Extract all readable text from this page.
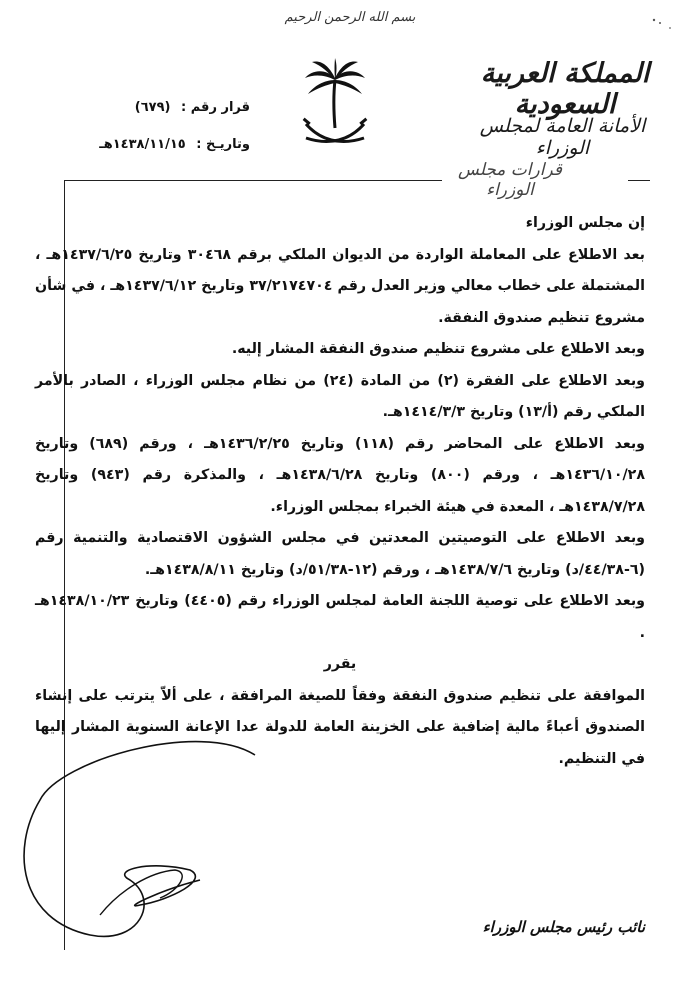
بسم الله الرحمن الرحيم
المملكة العربية السعودية
الأمانة العامة لمجلس الوزراء
قرارات مجلس الوزراء
قرار رقم : (٦٧٩)
وتاريـخ : ١٤٣٨/١١/١٥هـ

إن مجلس الوزراء

بعد الاطلاع على المعاملة الواردة من الديوان الملكي برقم ٣٠٤٦٨ وتاريخ ١٤٣٧/٦/٢٥هـ ، المشتملة على خطاب معالي وزير العدل رقم ٣٧/٢١٧٤٧٠٤ وتاريخ ١٤٣٧/٦/١٢هـ ، في شأن مشروع تنظيم صندوق النفقة.

وبعد الاطلاع على مشروع تنظيم صندوق النفقة المشار إليه.

وبعد الاطلاع على الفقرة (٢) من المادة (٢٤) من نظام مجلس الوزراء ، الصادر بالأمر الملكي رقم (أ/١٣) وتاريخ ١٤١٤/٣/٣هـ.

وبعد الاطلاع على المحاضر رقم (١١٨) وتاريخ ١٤٣٦/٢/٢٥هـ ، ورقم (٦٨٩) وتاريخ ١٤٣٦/١٠/٢٨هـ ، ورقم (٨٠٠) وتاريخ ١٤٣٨/٦/٢٨هـ ، والمذكرة رقم (٩٤٣) وتاريخ ١٤٣٨/٧/٢٨هـ ، المعدة في هيئة الخبراء بمجلس الوزراء.

وبعد الاطلاع على التوصيتين المعدتين في مجلس الشؤون الاقتصادية والتنمية رقم (٦-٤٤/٣٨/د) وتاريخ ١٤٣٨/٧/٦هـ ، ورقم (١٢-٥١/٣٨/د) وتاريخ ١٤٣٨/٨/١١هـ.

وبعد الاطلاع على توصية اللجنة العامة لمجلس الوزراء رقم (٤٤٠٥) وتاريخ ١٤٣٨/١٠/٢٣هـ .

يقرر

الموافقة على تنظيم صندوق النفقة وفقاً للصيغة المرافقة ، على ألاّ يترتب على إنشاء الصندوق أعباءً مالية إضافية على الخزينة العامة للدولة عدا الإعانة السنوية المشار إليها في التنظيم.

نائب رئيس مجلس الوزراء
